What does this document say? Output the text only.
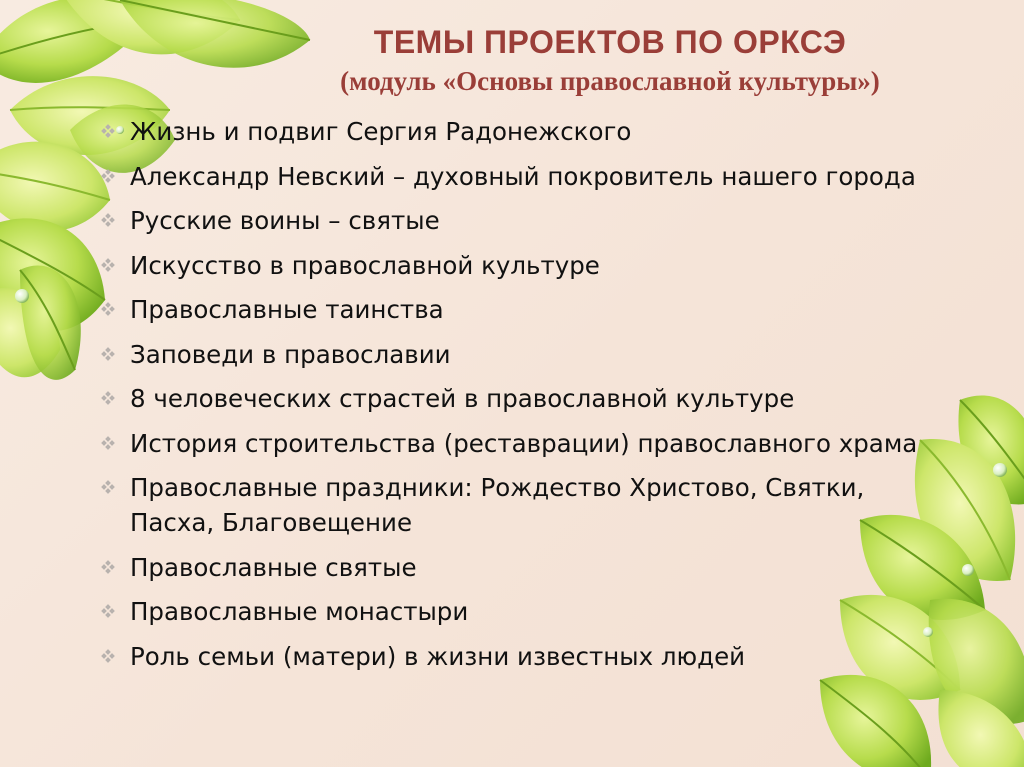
ТЕМЫ ПРОЕКТОВ ПО ОРКСЭ
(модуль «Основы православной культуры»)
Жизнь и подвиг Сергия Радонежского
Александр Невский – духовный покровитель нашего города
Русские воины – святые
Искусство в православной культуре
Православные таинства
Заповеди в православии
8 человеческих страстей в православной культуре
История строительства (реставрации) православного храма
Православные праздники: Рождество Христово, Святки, Пасха, Благовещение
Православные святые
Православные монастыри
Роль семьи (матери) в жизни известных людей
